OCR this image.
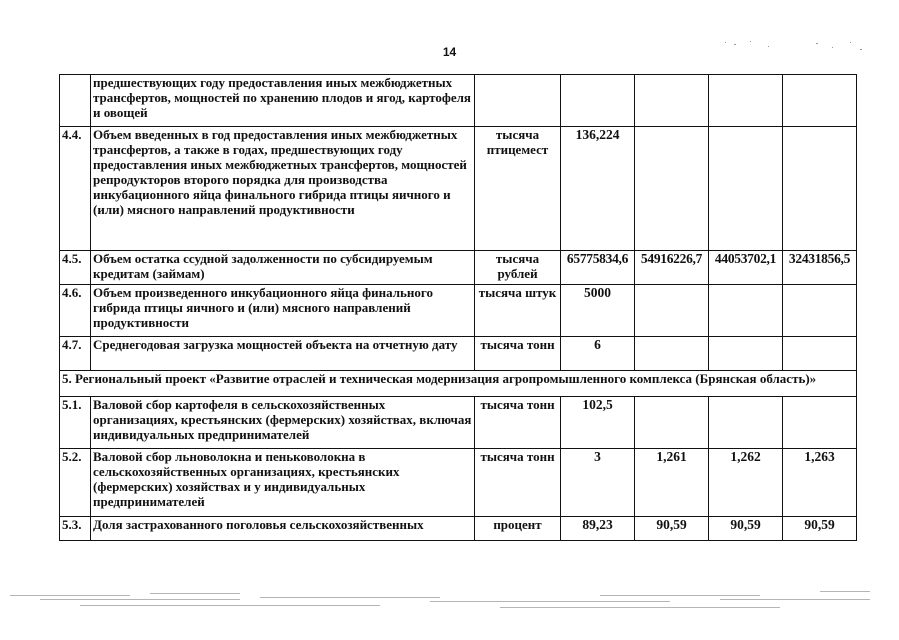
14
	предшествующих году предоставления иных межбюджетных трансфертов, мощностей по хранению плодов и ягод, картофеля и овощей					
4.4.	Объем введенных в год предоставления иных межбюджетных трансфертов, а также в годах, предшествующих году предоставления иных межбюджетных трансфертов, мощностей репродукторов второго порядка для производства инкубационного яйца финального гибрида птицы яичного и (или) мясного направлений продуктивности	тысяча птицемест	136,224			
4.5.	Объем остатка ссудной задолженности по субсидируемым кредитам (займам)	тысяча рублей	65775834,6	54916226,7	44053702,1	32431856,5
4.6.	Объем произведенного инкубационного яйца финального гибрида птицы яичного и (или) мясного направлений продуктивности	тысяча штук	5000			
4.7.	Среднегодовая загрузка мощностей объекта на отчетную дату	тысяча тонн	6			
5. Региональный проект «Развитие отраслей и техническая модернизация агропромышленного комплекса (Брянская область)»						
5.1.	Валовой сбор картофеля в сельскохозяйственных организациях, крестьянских (фермерских) хозяйствах, включая индивидуальных предпринимателей	тысяча тонн	102,5			
5.2.	Валовой сбор льноволокна и пеньковолокна в сельскохозяйственных организациях, крестьянских (фермерских) хозяйствах и у индивидуальных предпринимателей	тысяча тонн	3	1,261	1,262	1,263
5.3.	Доля застрахованного поголовья сельскохозяйственных	процент	89,23	90,59	90,59	90,59
